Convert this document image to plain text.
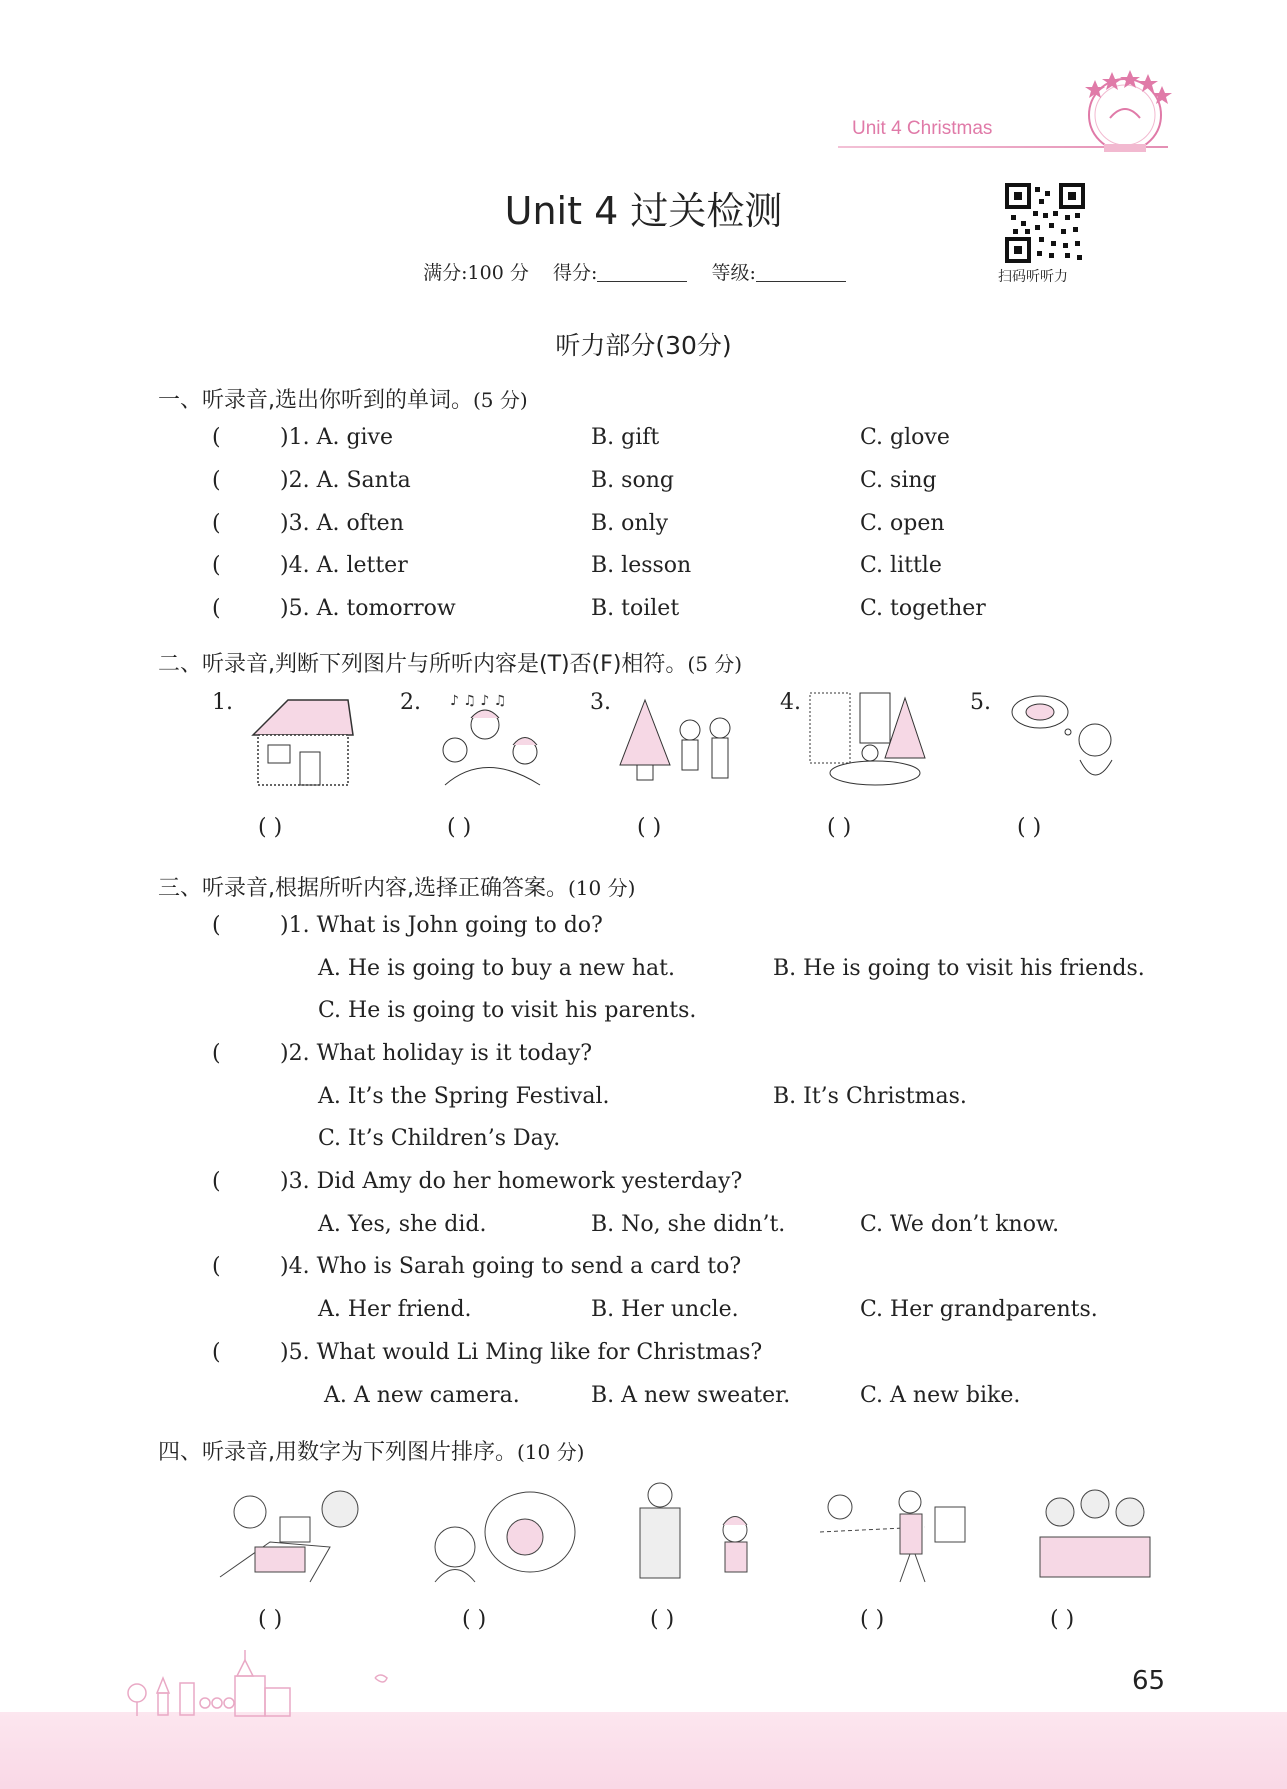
Unit 4 Christmas
Unit 4 过关检测
满分:100 分 得分:	等级:	扫码听听力
听力部分(30分)
一、听录音,选出你听到的单词。(5 分)
(	)1. A. give	B. gift	C. glove
(	)2. A. Santa	B. song	C. sing
(	)3. A. often	B. only	C. open
(	)4. A. letter	B. lesson	C. little
(	)5. A. tomorrow	B. toilet	C. together
二、听录音,判断下列图片与所听内容是(T)否(F)相符。(5 分)
1.	2.	3.	4.	5.
♪ ♫ ♪ ♫
( )	( )	( )	( )	( )
三、听录音,根据所听内容,选择正确答案。(10 分)
(	)1. What is John going to do?
A. He is going to buy a new hat.	B. He is going to visit his friends.
C. He is going to visit his parents.
(	)2. What holiday is it today?
A. It’s the Spring Festival.	B. It’s Christmas.
C. It’s Children’s Day.
(	)3. Did Amy do her homework yesterday?
A. Yes, she did.	B. No, she didn’t.	C. We don’t know.
(	)4. Who is Sarah going to send a card to?
A. Her friend.	B. Her uncle.	C. Her grandparents.
(	)5. What would Li Ming like for Christmas?
A. A new camera.	B. A new sweater.	C. A new bike.
四、听录音,用数字为下列图片排序。(10 分)
( )	( )	( )	( )	( )
65
